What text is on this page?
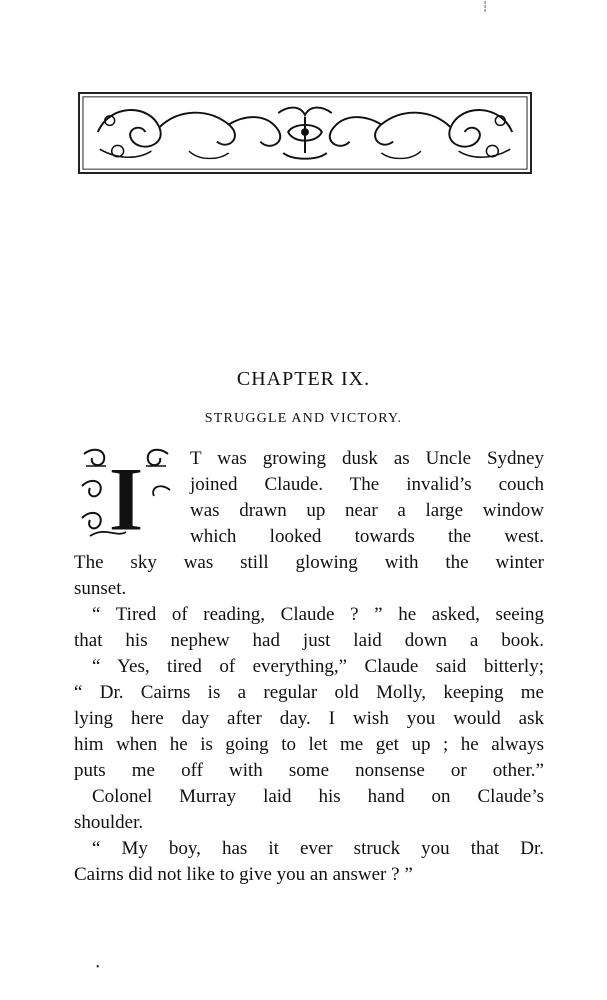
CHAPTER IX.
STRUGGLE AND VICTORY.
I T was growing dusk as Uncle Sydney
joined Claude. The invalid’s couch
was drawn up near a large window
which looked towards the west.
The sky was still glowing with the winter
sunset.
“ Tired of reading, Claude ? ” he asked, seeing
that his nephew had just laid down a book.
“ Yes, tired of everything,” Claude said bitterly;
“ Dr. Cairns is a regular old Molly, keeping me
lying here day after day. I wish you would ask
him when he is going to let me get up ; he always
puts me off with some nonsense or other.”
Colonel Murray laid his hand on Claude’s
shoulder.
“ My boy, has it ever struck you that Dr.
Cairns did not like to give you an answer ? ”
•
┆
